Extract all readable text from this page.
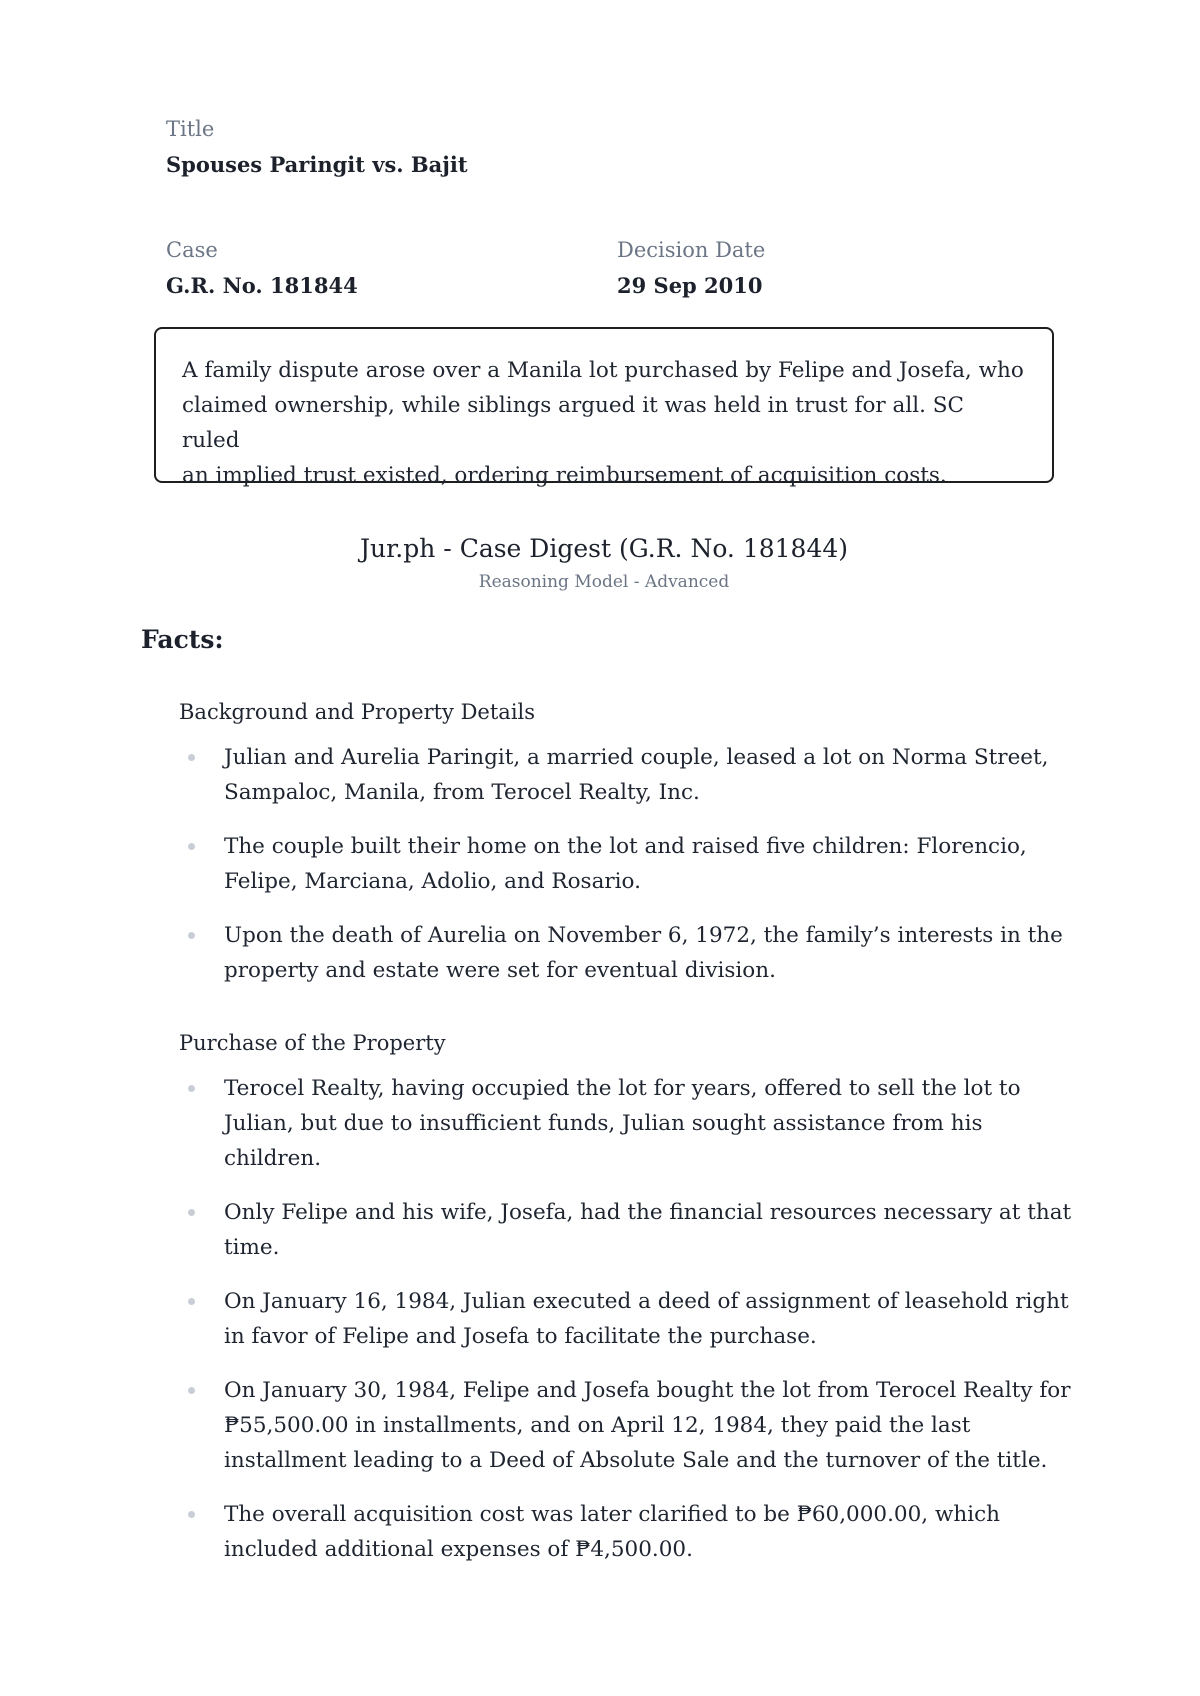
Title
Spouses Paringit vs. Bajit
Case
G.R. No. 181844
Decision Date
29 Sep 2010
A family dispute arose over a Manila lot purchased by Felipe and Josefa, who
claimed ownership, while siblings argued it was held in trust for all. SC ruled
an implied trust existed, ordering reimbursement of acquisition costs.
Jur.ph - Case Digest (G.R. No. 181844)
Reasoning Model - Advanced
Facts:
Background and Property Details
Julian and Aurelia Paringit, a married couple, leased a lot on Norma Street,
Sampaloc, Manila, from Terocel Realty, Inc.
The couple built their home on the lot and raised five children: Florencio,
Felipe, Marciana, Adolio, and Rosario.
Upon the death of Aurelia on November 6, 1972, the family’s interests in the
property and estate were set for eventual division.
Purchase of the Property
Terocel Realty, having occupied the lot for years, offered to sell the lot to
Julian, but due to insufficient funds, Julian sought assistance from his
children.
Only Felipe and his wife, Josefa, had the financial resources necessary at that
time.
On January 16, 1984, Julian executed a deed of assignment of leasehold right
in favor of Felipe and Josefa to facilitate the purchase.
On January 30, 1984, Felipe and Josefa bought the lot from Terocel Realty for
₱55,500.00 in installments, and on April 12, 1984, they paid the last
installment leading to a Deed of Absolute Sale and the turnover of the title.
The overall acquisition cost was later clarified to be ₱60,000.00, which
included additional expenses of ₱4,500.00.
